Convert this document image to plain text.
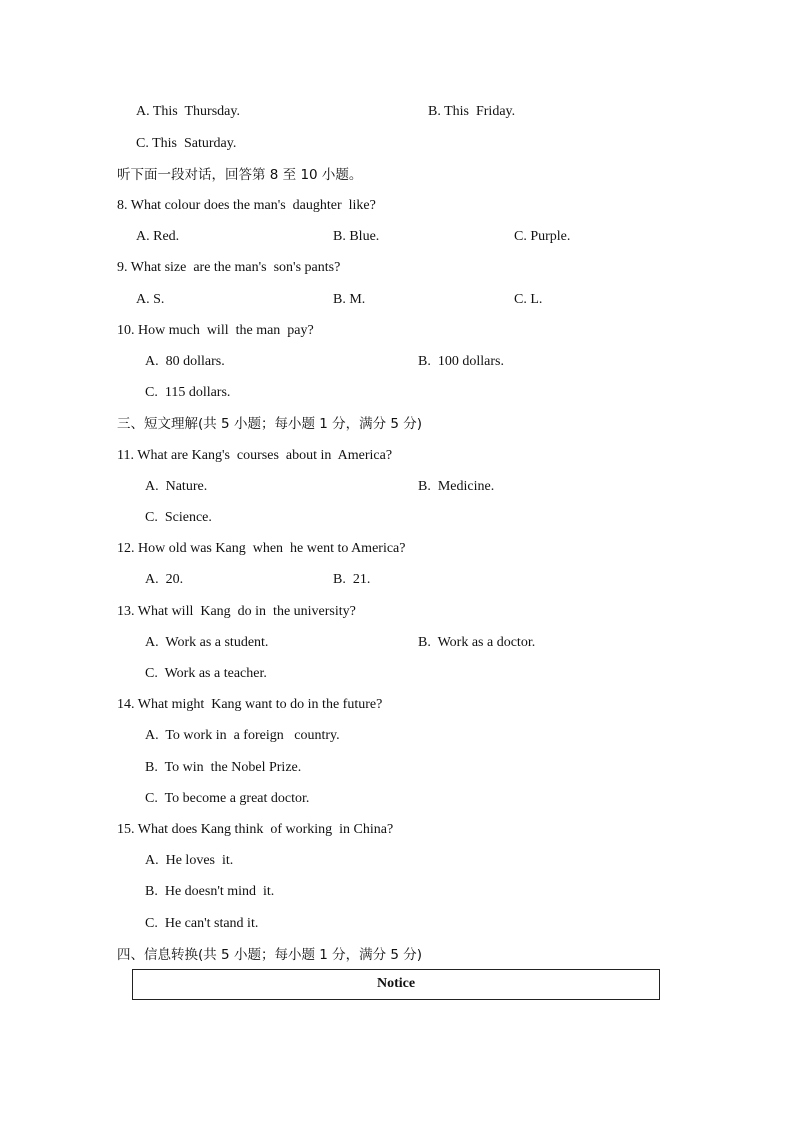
A. This  Thursday.	B. This  Friday.
C. This  Saturday.
听下面一段对话，回答第 8 至 10 小题。
8. What colour does the man's  daughter  like?
A. Red.	B. Blue.	C. Purple.
9. What size  are the man's  son's pants?
A. S.	B. M.	C. L.
10. How much  will  the man  pay?
A.  80 dollars.	B.  100 dollars.
C.  115 dollars.
三、短文理解(共 5 小题；每小题 1 分，满分 5 分)
11. What are Kang's  courses  about in  America?
A.  Nature.	B.  Medicine.
C.  Science.
12. How old was Kang  when  he went to America?
A.  20.	B.  21.
13. What will  Kang  do in  the university?
A.  Work as a student.	B.  Work as a doctor.
C.  Work as a teacher.
14. What might  Kang want to do in the future?
A.  To work in  a foreign   country.
B.  To win  the Nobel Prize.
C.  To become a great doctor.
15. What does Kang think  of working  in China?
A.  He loves  it.
B.  He doesn't mind  it.
C.  He can't stand it.
四、信息转换(共 5 小题；每小题 1 分，满分 5 分)
Notice
